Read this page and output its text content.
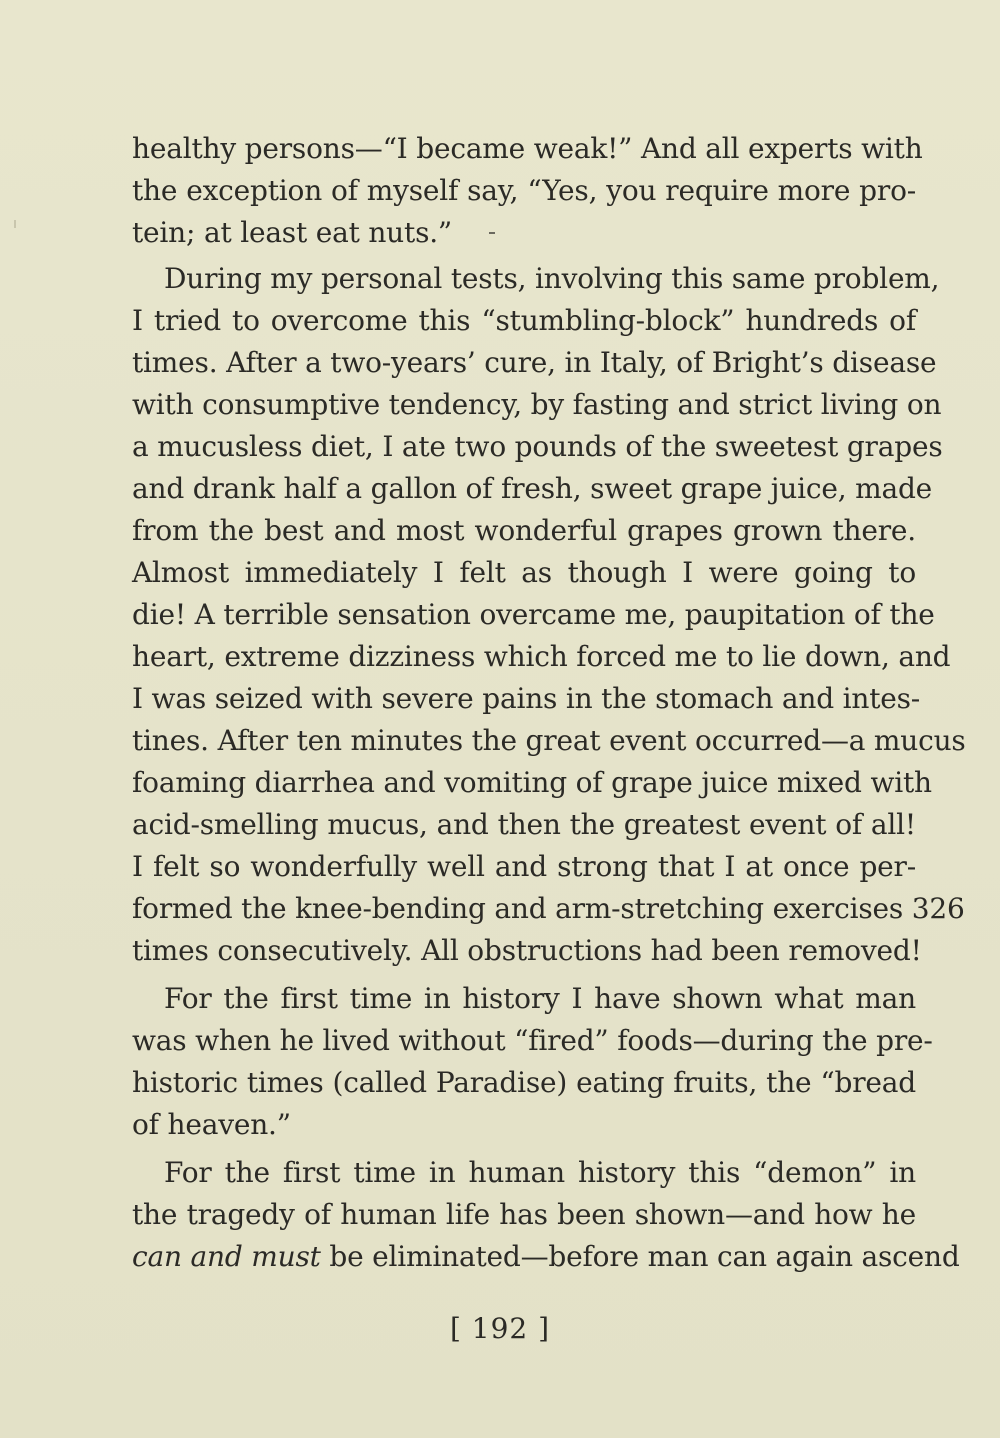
healthy persons—“I became weak!” And all experts with
the exception of myself say, “Yes, you require more pro-
tein; at least eat nuts.”
During my personal tests, involving this same problem,
I tried to overcome this “stumbling-block” hundreds of
times. After a two-years’ cure, in Italy, of Bright’s disease
with consumptive tendency, by fasting and strict living on
a mucusless diet, I ate two pounds of the sweetest grapes
and drank half a gallon of fresh, sweet grape juice, made
from the best and most wonderful grapes grown there.
Almost immediately I felt as though I were going to
die! A terrible sensation overcame me, paupitation of the
heart, extreme dizziness which forced me to lie down, and
I was seized with severe pains in the stomach and intes-
tines. After ten minutes the great event occurred—a mucus
foaming diarrhea and vomiting of grape juice mixed with
acid-smelling mucus, and then the greatest event of all!
I felt so wonderfully well and strong that I at once per-
formed the knee-bending and arm-stretching exercises 326
times consecutively. All obstructions had been removed!
For the first time in history I have shown what man
was when he lived without “fired” foods—during the pre-
historic times (called Paradise) eating fruits, the “bread
of heaven.”
For the first time in human history this “demon” in
the tragedy of human life has been shown—and how he
can and must be eliminated—before man can again ascend
[ 192 ]
